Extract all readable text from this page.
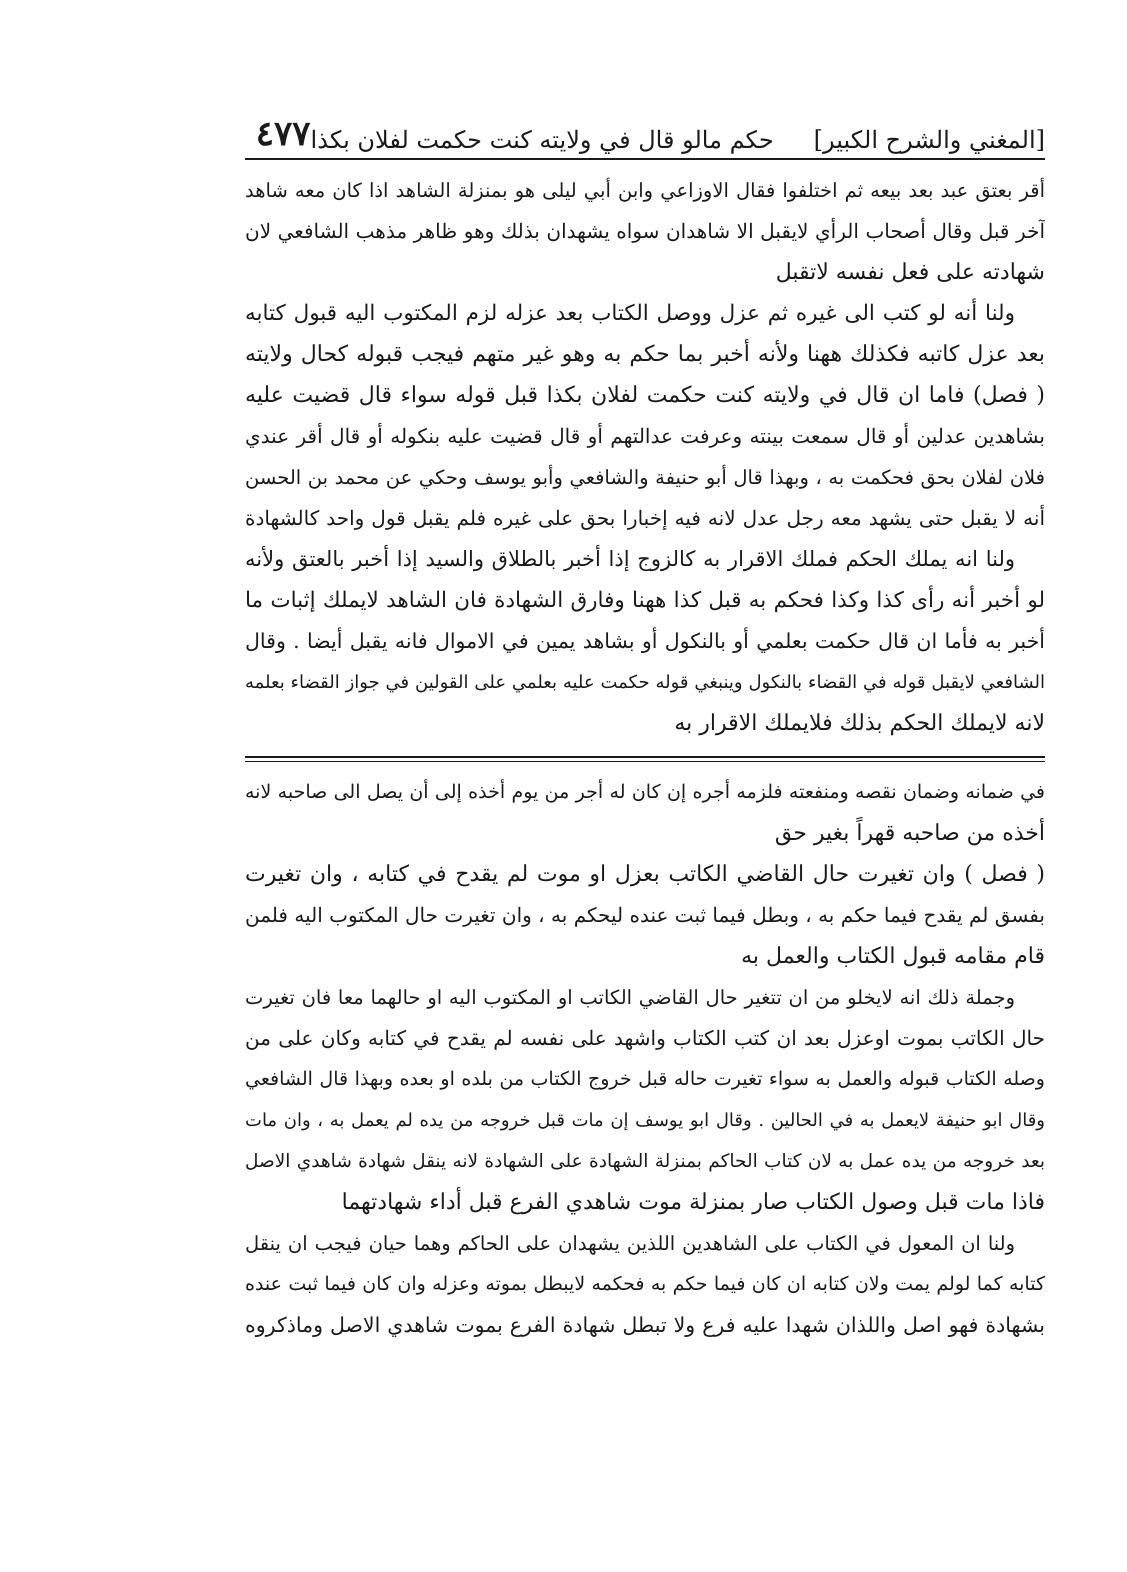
[المغني والشرح الكبير]
حكم مالو قال في ولايته كنت حكمت لفلان بكذا
٤٧٧
أقر بعتق عبد بعد بيعه ثم اختلفوا فقال الاوزاعي وابن أبي ليلى هو بمنزلة الشاهد اذا كان معه شاهد
آخر قبل وقال أصحاب الرأي لايقبل الا شاهدان سواه يشهدان بذلك وهو ظاهر مذهب الشافعي لان
شهادته على فعل نفسه لاتقبل
ولنا أنه لو كتب الى غيره ثم عزل ووصل الكتاب بعد عزله لزم المكتوب اليه قبول كتابه
بعد عزل كاتبه فكذلك ههنا ولأنه أخبر بما حكم به وهو غير متهم فيجب قبوله كحال ولايته
( فصل) فاما ان قال في ولايته كنت حكمت لفلان بكذا قبل قوله سواء قال قضيت عليه
بشاهدين عدلين أو قال سمعت بينته وعرفت عدالتهم أو قال قضيت عليه بنكوله أو قال أقر عندي
فلان لفلان بحق فحكمت به ، وبهذا قال أبو حنيفة والشافعي وأبو يوسف وحكي عن محمد بن الحسن
أنه لا يقبل حتى يشهد معه رجل عدل لانه فيه إخبارا بحق على غيره فلم يقبل قول واحد كالشهادة
ولنا انه يملك الحكم فملك الاقرار به كالزوج إذا أخبر بالطلاق والسيد إذا أخبر بالعتق ولأنه
لو أخبر أنه رأى كذا وكذا فحكم به قبل كذا ههنا وفارق الشهادة فان الشاهد لايملك إثبات ما
أخبر به فأما ان قال حكمت بعلمي أو بالنكول أو بشاهد يمين في الاموال فانه يقبل أيضا . وقال
الشافعي لايقبل قوله في القضاء بالنكول وينبغي قوله حكمت عليه بعلمي على القولين في جواز القضاء بعلمه
لانه لايملك الحكم بذلك فلايملك الاقرار به
في ضمانه وضمان نقصه ومنفعته فلزمه أجره إن كان له أجر من يوم أخذه إلى أن يصل الى صاحبه لانه
أخذه من صاحبه قهراً بغير حق
( فصل ) وان تغيرت حال القاضي الكاتب بعزل او موت لم يقدح في كتابه ، وان تغيرت
بفسق لم يقدح فيما حكم به ، وبطل فيما ثبت عنده ليحكم به ، وان تغيرت حال المكتوب اليه فلمن
قام مقامه قبول الكتاب والعمل به
وجملة ذلك انه لايخلو من ان تتغير حال القاضي الكاتب او المكتوب اليه او حالهما معا فان تغيرت
حال الكاتب بموت اوعزل بعد ان كتب الكتاب واشهد على نفسه لم يقدح في كتابه وكان على من
وصله الكتاب قبوله والعمل به سواء تغيرت حاله قبل خروج الكتاب من بلده او بعده وبهذا قال الشافعي
وقال ابو حنيفة لايعمل به في الحالين . وقال ابو يوسف إن مات قبل خروجه من يده لم يعمل به ، وان مات
بعد خروجه من يده عمل به لان كتاب الحاكم بمنزلة الشهادة على الشهادة لانه ينقل شهادة شاهدي الاصل
فاذا مات قبل وصول الكتاب صار بمنزلة موت شاهدي الفرع قبل أداء شهادتهما
ولنا ان المعول في الكتاب على الشاهدين اللذين يشهدان على الحاكم وهما حيان فيجب ان ينقل
كتابه كما لولم يمت ولان كتابه ان كان فيما حكم به فحكمه لايبطل بموته وعزله وان كان فيما ثبت عنده
بشهادة فهو اصل واللذان شهدا عليه فرع ولا تبطل شهادة الفرع بموت شاهدي الاصل وماذكروه
